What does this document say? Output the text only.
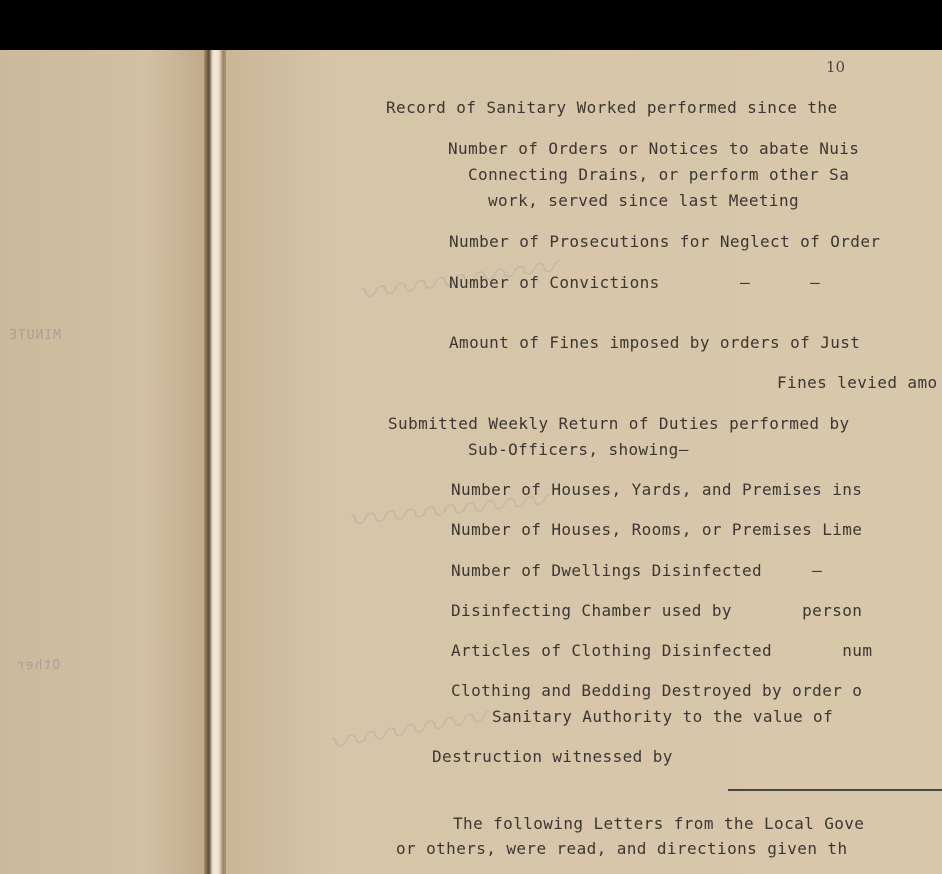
MINUTE
Other
〰〰〰〰〰
〰〰〰〰〰
〰〰〰〰
10
Record of Sanitary Worked performed since the
Number of Orders or Notices to abate Nuis
Connecting Drains, or perform other Sa
work, served since last Meeting
Number of Prosecutions for Neglect of Order
Number of Convictions        –      –
Amount of Fines imposed by orders of Just
Fines levied amo
Submitted Weekly Return of Duties performed by
Sub-Officers, showing—
Number of Houses, Yards, and Premises ins
Number of Houses, Rooms, or Premises Lime
Number of Dwellings Disinfected     –
Disinfecting Chamber used by       person
Articles of Clothing Disinfected       num
Clothing and Bedding Destroyed by order o
Sanitary Authority to the value of
Destruction witnessed by
The following Letters from the Local Gove
or others, were read, and directions given th
